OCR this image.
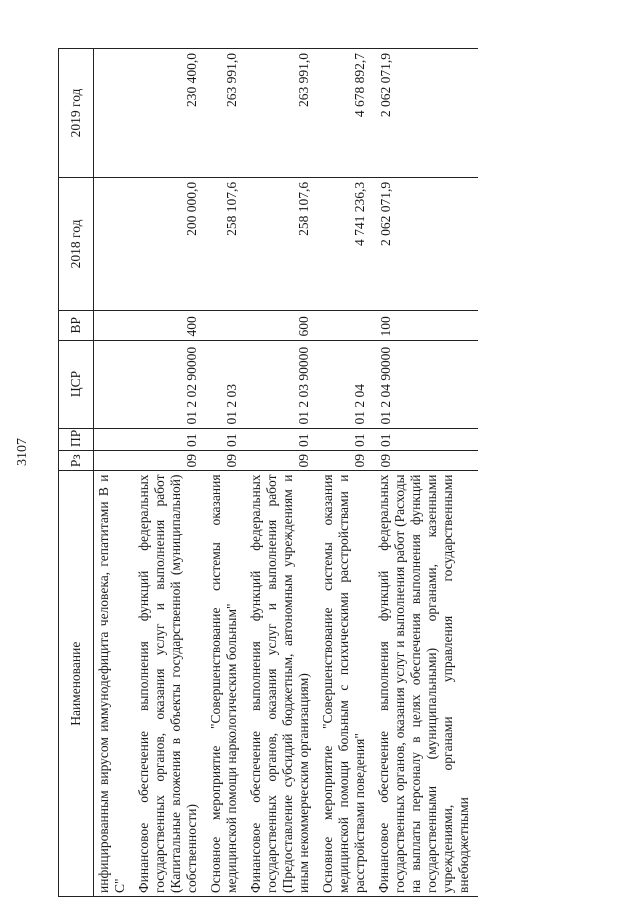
3107
Наименование	Рз	ПР	ЦСР	ВР	2018 год	2019 год
инфицированным вирусом иммунодефицита человека, гепатитами В и С"						
Финансовое обеспечение выполнения функций федеральных государственных органов, оказания услуг и выполнения работ (Капитальные вложения в объекты государственной (муниципальной) собственности)	09	01	01 2 02 90000	400	200 000,0	230 400,0
Основное мероприятие "Совершенствование системы оказания медицинской помощи наркологическим больным"	09	01	01 2 03		258 107,6	263 991,0
Финансовое обеспечение выполнения функций федеральных государственных органов, оказания услуг и выполнения работ (Предоставление субсидий бюджетным, автономным учреждениям и иным некоммерческим организациям)	09	01	01 2 03 90000	600	258 107,6	263 991,0
Основное мероприятие "Совершенствование системы оказания медицинской помощи больным с психическими расстройствами и расстройствами поведения"	09	01	01 2 04		4 741 236,3	4 678 892,7
Финансовое обеспечение выполнения функций федеральных государственных органов, оказания услуг и выполнения работ (Расходы на выплаты персоналу в целях обеспечения выполнения функций государственными (муниципальными) органами, казенными учреждениями, органами управления государственными внебюджетными	09	01	01 2 04 90000	100	2 062 071,9	2 062 071,9
